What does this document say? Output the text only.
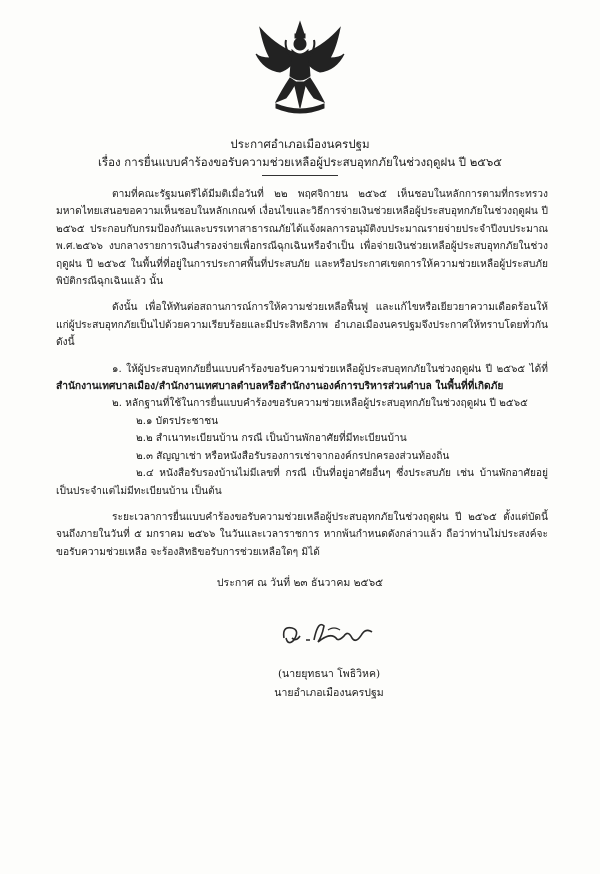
ประกาศอำเภอเมืองนครปฐม
เรื่อง การยื่นแบบคำร้องขอรับความช่วยเหลือผู้ประสบอุทกภัยในช่วงฤดูฝน ปี ๒๕๖๕

ตามที่คณะรัฐมนตรีได้มีมติเมื่อวันที่ ๒๒ พฤศจิกายน ๒๕๖๕ เห็นชอบในหลักการตามที่กระทรวงมหาดไทยเสนอขอความเห็นชอบในหลักเกณฑ์ เงื่อนไขและวิธีการจ่ายเงินช่วยเหลือผู้ประสบอุทกภัยในช่วงฤดูฝน ปี ๒๕๖๕ ประกอบกับกรมป้องกันและบรรเทาสาธารณภัยได้แจ้งผลการอนุมัติงบประมาณรายจ่ายประจำปีงบประมาณ พ.ศ.๒๕๖๖ งบกลางรายการเงินสำรองจ่ายเพื่อกรณีฉุกเฉินหรือจำเป็น เพื่อจ่ายเงินช่วยเหลือผู้ประสบอุทกภัยในช่วงฤดูฝน ปี ๒๕๖๕ ในพื้นที่ที่อยู่ในการประกาศพื้นที่ประสบภัย และหรือประกาศเขตการให้ความช่วยเหลือผู้ประสบภัยพิบัติกรณีฉุกเฉินแล้ว นั้น

ดังนั้น เพื่อให้ทันต่อสถานการณ์การให้ความช่วยเหลือฟื้นฟู และแก้ไขหรือเยียวยาความเดือดร้อนให้แก่ผู้ประสบอุทกภัยเป็นไปด้วยความเรียบร้อยและมีประสิทธิภาพ อำเภอเมืองนครปฐมจึงประกาศให้ทราบโดยทั่วกัน ดังนี้

๑. ให้ผู้ประสบอุทกภัยยื่นแบบคำร้องขอรับความช่วยเหลือผู้ประสบอุทกภัยในช่วงฤดูฝน ปี ๒๕๖๕ ได้ที่ สำนักงานเทศบาลเมือง/สำนักงานเทศบาลตำบลหรือสำนักงานองค์การบริหารส่วนตำบล ในพื้นที่ที่เกิดภัย

๒. หลักฐานที่ใช้ในการยื่นแบบคำร้องขอรับความช่วยเหลือผู้ประสบอุทกภัยในช่วงฤดูฝน ปี ๒๕๖๕

๒.๑ บัตรประชาชน

๒.๒ สำเนาทะเบียนบ้าน กรณี เป็นบ้านพักอาศัยที่มีทะเบียนบ้าน

๒.๓ สัญญาเช่า หรือหนังสือรับรองการเช่าจากองค์กรปกครองส่วนท้องถิ่น

๒.๔ หนังสือรับรองบ้านไม่มีเลขที่ กรณี เป็นที่อยู่อาศัยอื่นๆ ซึ่งประสบภัย เช่น บ้านพักอาศัยอยู่เป็นประจำแต่ไม่มีทะเบียนบ้าน เป็นต้น

ระยะเวลาการยื่นแบบคำร้องขอรับความช่วยเหลือผู้ประสบอุทกภัยในช่วงฤดูฝน ปี ๒๕๖๕ ตั้งแต่บัดนี้ จนถึงภายในวันที่ ๕ มกราคม ๒๕๖๖ ในวันและเวลาราชการ หากพ้นกำหนดดังกล่าวแล้ว ถือว่าท่านไม่ประสงค์จะขอรับความช่วยเหลือ จะร้องสิทธิขอรับการช่วยเหลือใดๆ มิได้

ประกาศ ณ วันที่ ๒๓ ธันวาคม ๒๕๖๕
(นายยุทธนา โพธิวิหค)
นายอำเภอเมืองนครปฐม
